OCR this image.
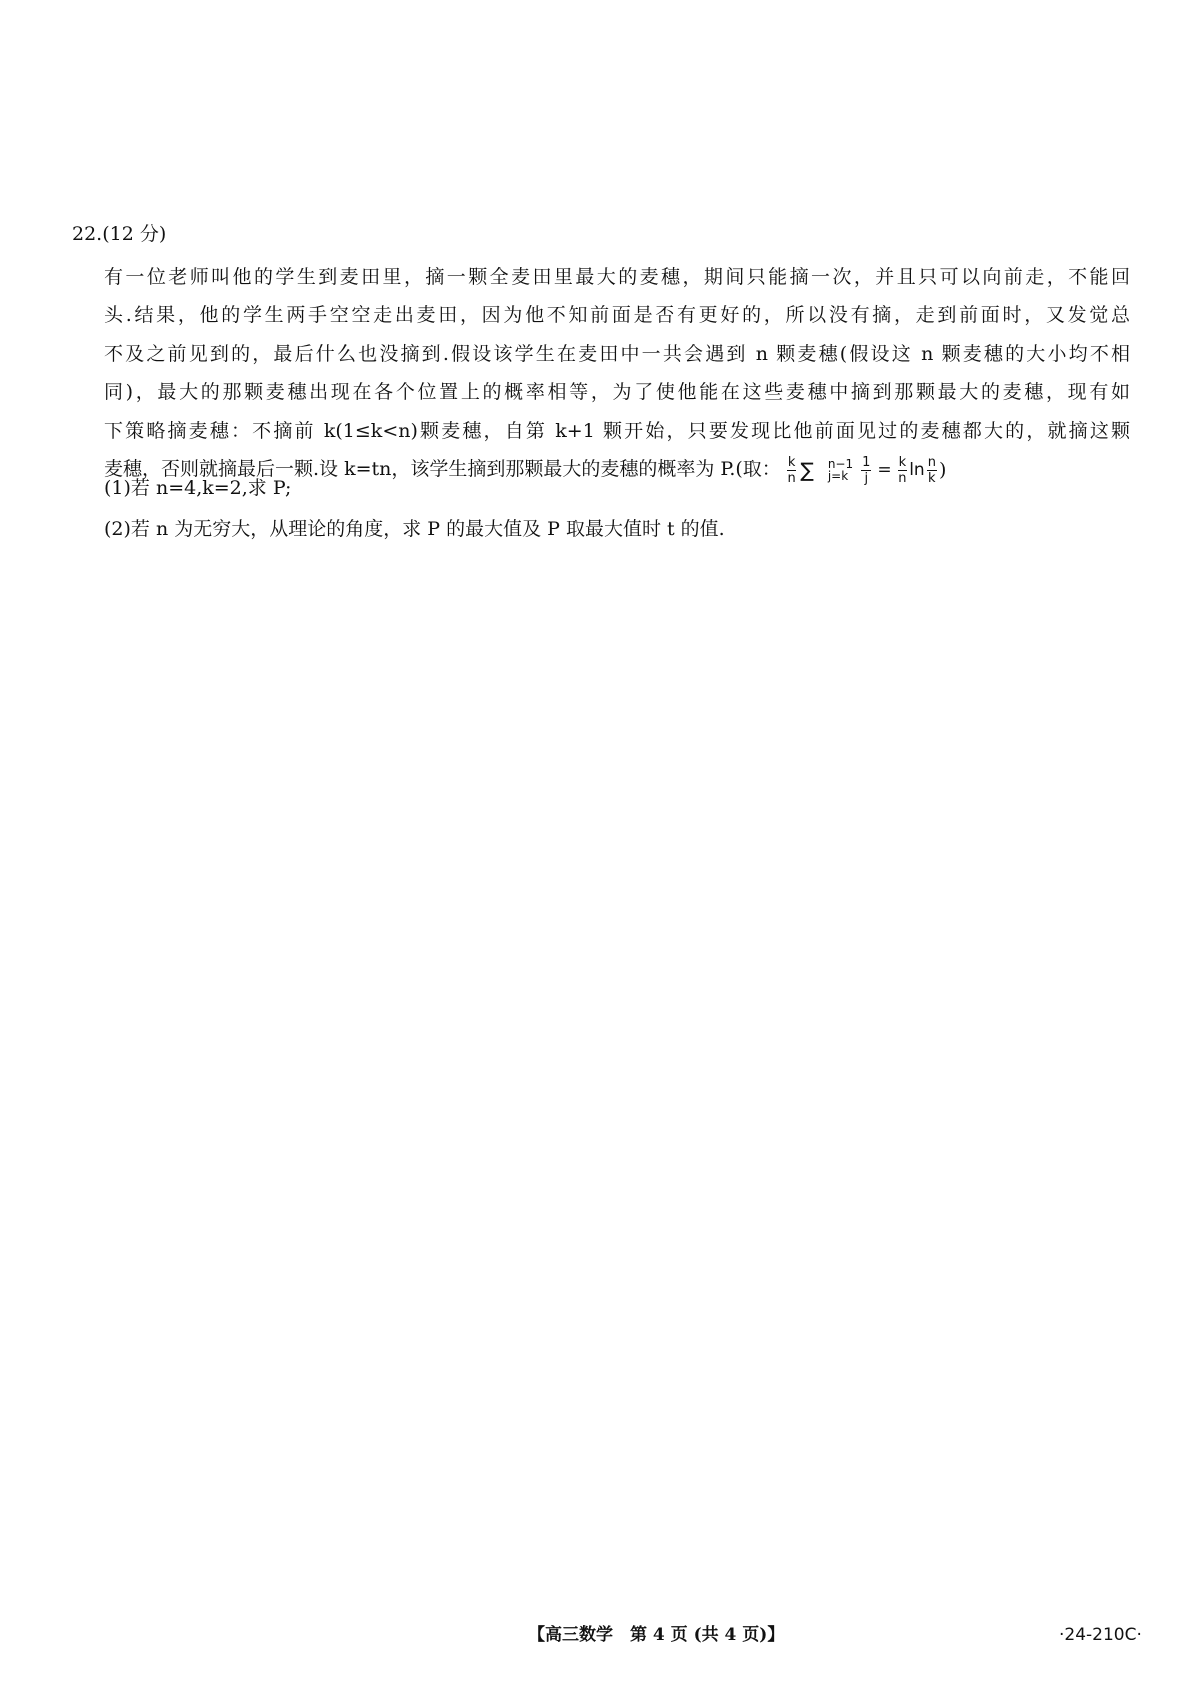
22.(12 分)
有一位老师叫他的学生到麦田里，摘一颗全麦田里最大的麦穗，期间只能摘一次，并且只可以向前走，不能回
头.结果，他的学生两手空空走出麦田，因为他不知前面是否有更好的，所以没有摘，走到前面时，又发觉总
不及之前见到的，最后什么也没摘到.假设该学生在麦田中一共会遇到 n 颗麦穗(假设这 n 颗麦穗的大小均不相
同)，最大的那颗麦穗出现在各个位置上的概率相等，为了使他能在这些麦穗中摘到那颗最大的麦穗，现有如
下策略摘麦穗：不摘前 k(1≤k<n)颗麦穗，自第 k+1 颗开始，只要发现比他前面见过的麦穗都大的，就摘这颗
麦穗，否则就摘最后一颗.设 k=tn，该学生摘到那颗最大的麦穗的概率为 P.(取： $\frac{k}{n}$ ∑ n−1
$j=k \frac{1}{j} = \frac{k}{n}$ $\ln \frac{n}{k}$ )
(1)若 n=4,k=2,求 P;
(2)若 n 为无穷大，从理论的角度，求 P 的最大值及 P 取最大值时 t 的值.
【高三数学　第 4 页 (共 4 页)】	·24-210C·
